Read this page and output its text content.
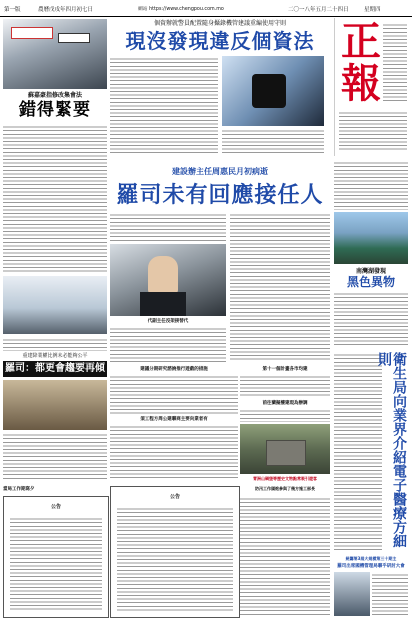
第一版	農曆戊戌年四月初七日	網站 https://www.chengpou.com.mo	二〇一八年五月二十四日	星期四
蘇嘉豪指修改集會法
錯得緊要
個資辦就警員配置隨身攝錄機管建議重編使用守則
現沒發現違反個資法 正
報
建設辦主任周惠民月初病逝
羅司未有回應接任人
代副主任沒架接替代
南灣湖發現
黑色異物
衛生局向業界介紹電子醫療方細則
統籌第3屆大規模第三十期主
羅司出席國機管理局聯乎研討大會
重建降業權比例未必能夠公平
羅司：都更會趨要再傾	建議分期研究諮詢推行遊戲的措施
須工程方周公建聯商主要向業者有
第十一個計畫各市均建
前往蘭擬樓建現為辦調
青洲山碉堡等歷史文物點常吸引遊客
當局工作期寫夕
公告
公告
防汛工作頭炮參與了幾方施工部長
